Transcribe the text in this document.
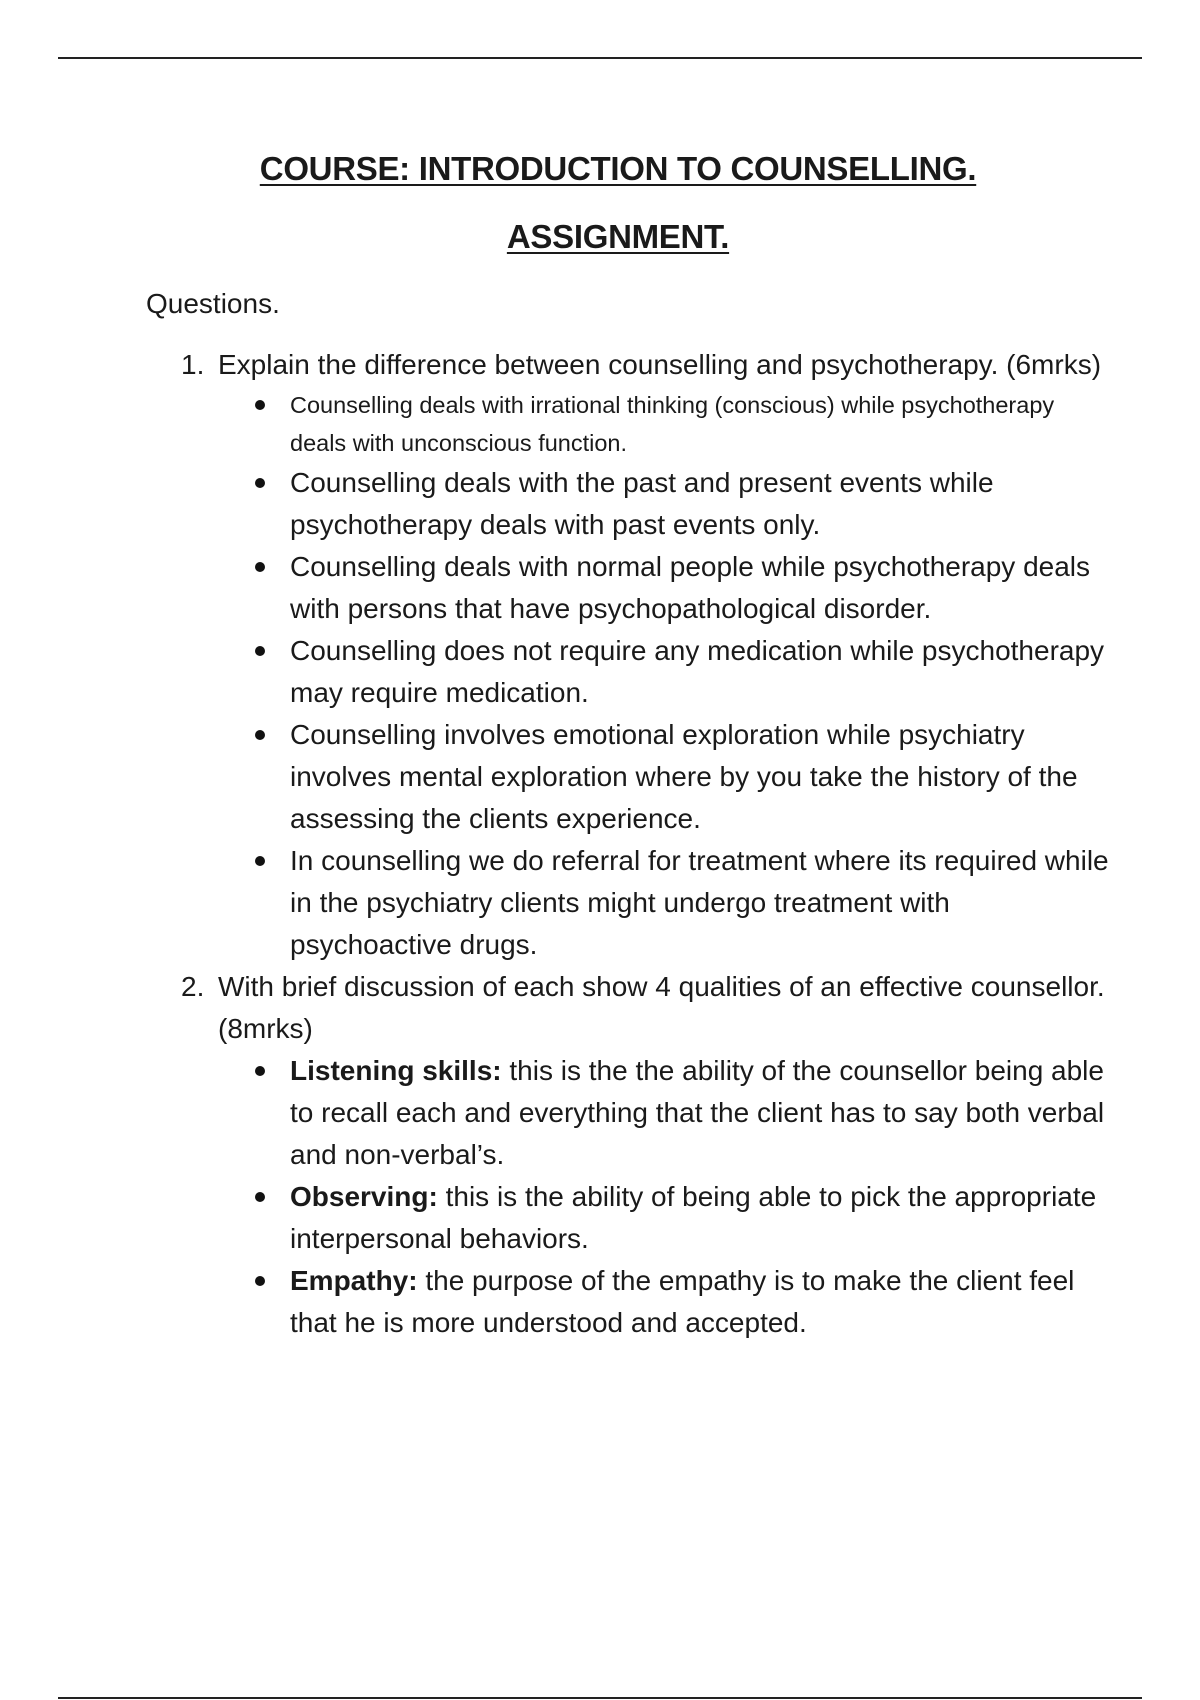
COURSE: INTRODUCTION TO COUNSELLING.
ASSIGNMENT.

Questions.

1. Explain the difference between counselling and psychotherapy. (6mrks)

Counselling deals with irrational thinking (conscious) while psychotherapy deals with unconscious function.
Counselling deals with the past and present events while psychotherapy deals with past events only.
Counselling deals with normal people while psychotherapy deals with persons that have psychopathological disorder.
Counselling does not require any medication while psychotherapy may require medication.
Counselling involves emotional exploration while psychiatry involves mental exploration where by you take the history of the assessing the clients experience.
In counselling we do referral for treatment where its required while in the psychiatry clients might undergo treatment with psychoactive drugs.
2. With brief discussion of each show 4 qualities of an effective counsellor. (8mrks)

Listening skills: this is the the ability of the counsellor being able to recall each and everything that the client has to say both verbal and non-verbal’s.
Observing: this is the ability of being able to pick the appropriate interpersonal behaviors.
Empathy: the purpose of the empathy is to make the client feel that he is more understood and accepted.
